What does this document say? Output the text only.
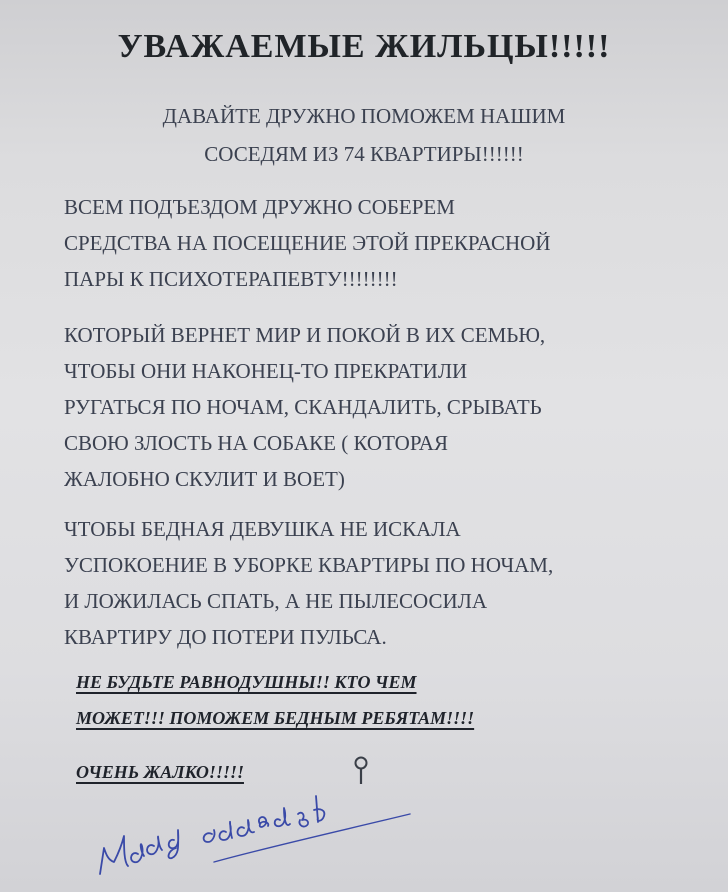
УВАЖАЕМЫЕ ЖИЛЬЦЫ!!!!!
ДАВАЙТЕ ДРУЖНО ПОМОЖЕМ НАШИМ
СОСЕДЯМ ИЗ 74 КВАРТИРЫ!!!!!!
ВСЕМ ПОДЪЕЗДОМ ДРУЖНО СОБЕРЕМ
СРЕДСТВА НА ПОСЕЩЕНИЕ ЭТОЙ ПРЕКРАСНОЙ
ПАРЫ К ПСИХОТЕРАПЕВТУ!!!!!!!!
КОТОРЫЙ ВЕРНЕТ МИР И ПОКОЙ В ИХ СЕМЬЮ,
ЧТОБЫ ОНИ НАКОНЕЦ-ТО ПРЕКРАТИЛИ
РУГАТЬСЯ ПО НОЧАМ, СКАНДАЛИТЬ, СРЫВАТЬ
СВОЮ ЗЛОСТЬ НА СОБАКЕ ( КОТОРАЯ
ЖАЛОБНО СКУЛИТ И ВОЕТ)
ЧТОБЫ БЕДНАЯ ДЕВУШКА НЕ ИСКАЛА
УСПОКОЕНИЕ В УБОРКЕ КВАРТИРЫ ПО НОЧАМ,
И ЛОЖИЛАСЬ СПАТЬ, А НЕ ПЫЛЕСОСИЛА
КВАРТИРУ ДО ПОТЕРИ ПУЛЬСА.
НЕ БУДЬТЕ РАВНОДУШНЫ!! КТО ЧЕМ
МОЖЕТ!!! ПОМОЖЕМ БЕДНЫМ РЕБЯТАМ!!!!
ОЧЕНЬ ЖАЛКО!!!!!
